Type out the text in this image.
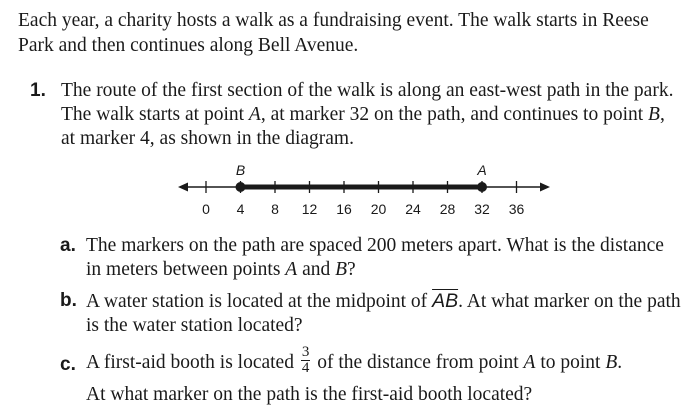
Each year, a charity hosts a walk as a fundraising event. The walk starts in Reese Park and then continues along Bell Avenue.

1. The route of the first section of the walk is along an east-west path in the park. The walk starts at point A, at marker 32 on the path, and continues to point B, at marker 4, as shown in the diagram.

0 4 8 12 16 20 24 28 32 36
B	A
a. The markers on the path are spaced 200 meters apart. What is the distance in meters between points A and B?

b. A water station is located at the midpoint of $\overline{AB}$. At what marker on the path is the water station located?

c. A first-aid booth is located $\frac{3}{4}$ of the distance from point A to point B.
At what marker on the path is the first-aid booth located?
